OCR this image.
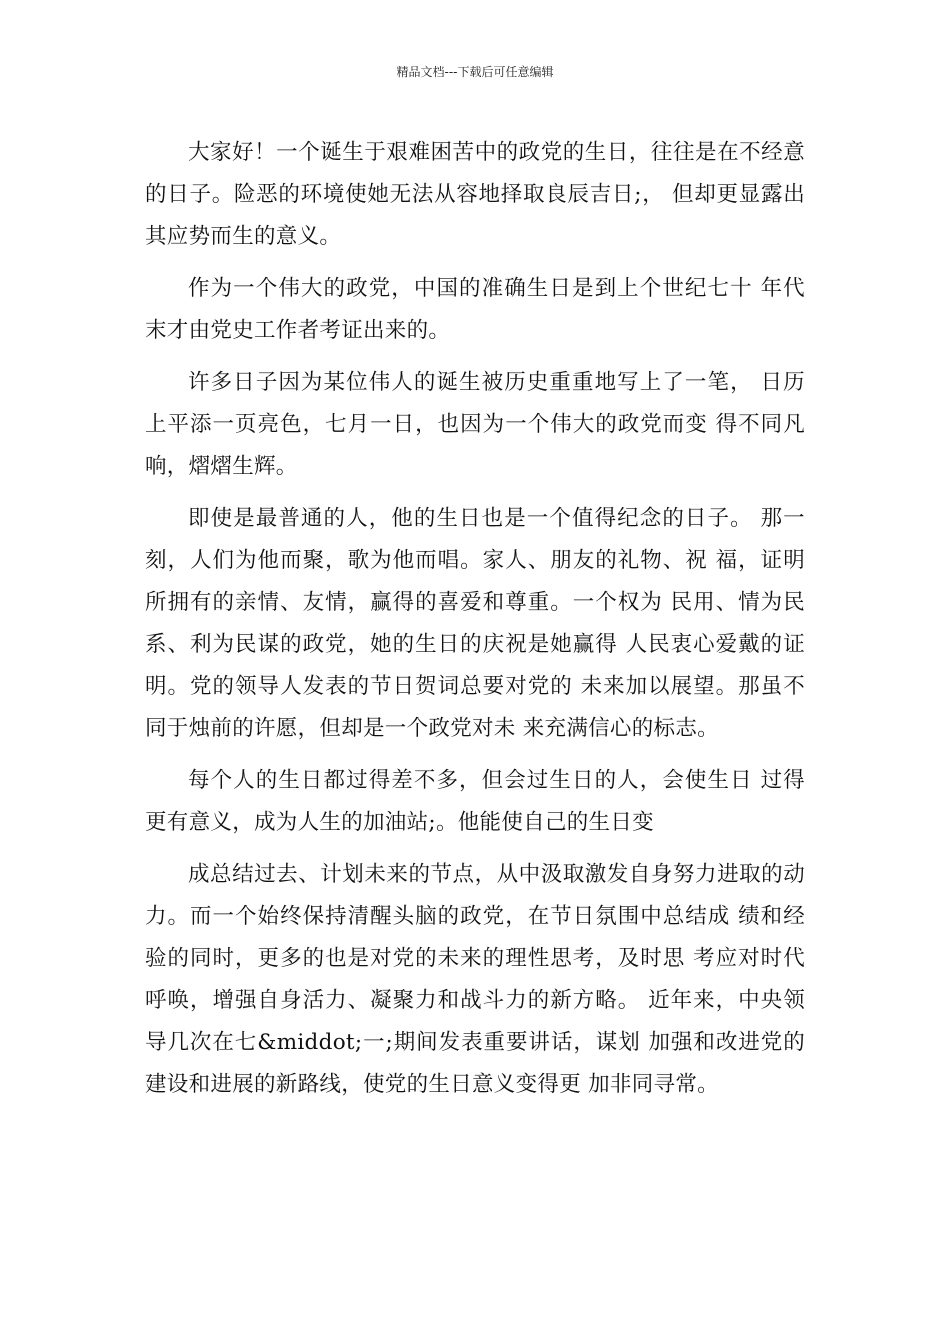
精品文档---下载后可任意编辑

大家好！一个诞生于艰难困苦中的政党的生日，往往是在不经意的日子。险恶的环境使她无法从容地择取良辰吉日;， 但却更显露出其应势而生的意义。

作为一个伟大的政党，中国的准确生日是到上个世纪七十 年代末才由党史工作者考证出来的。

许多日子因为某位伟人的诞生被历史重重地写上了一笔， 日历上平添一页亮色，七月一日，也因为一个伟大的政党而变 得不同凡响，熠熠生辉。

即使是最普通的人，他的生日也是一个值得纪念的日子。 那一刻，人们为他而聚，歌为他而唱。家人、朋友的礼物、祝 福，证明所拥有的亲情、友情，赢得的喜爱和尊重。一个权为 民用、情为民系、利为民谋的政党，她的生日的庆祝是她赢得 人民衷心爱戴的证明。党的领导人发表的节日贺词总要对党的 未来加以展望。那虽不同于烛前的许愿，但却是一个政党对未 来充满信心的标志。

每个人的生日都过得差不多，但会过生日的人，会使生日 过得更有意义，成为人生的加油站;。他能使自己的生日变

成总结过去、计划未来的节点，从中汲取激发自身努力进取的动力。而一个始终保持清醒头脑的政党，在节日氛围中总结成 绩和经验的同时，更多的也是对党的未来的理性思考，及时思 考应对时代呼唤，增强自身活力、凝聚力和战斗力的新方略。 近年来，中央领导几次在七&middot;一;期间发表重要讲话，谋划 加强和改进党的建设和进展的新路线，使党的生日意义变得更 加非同寻常。
